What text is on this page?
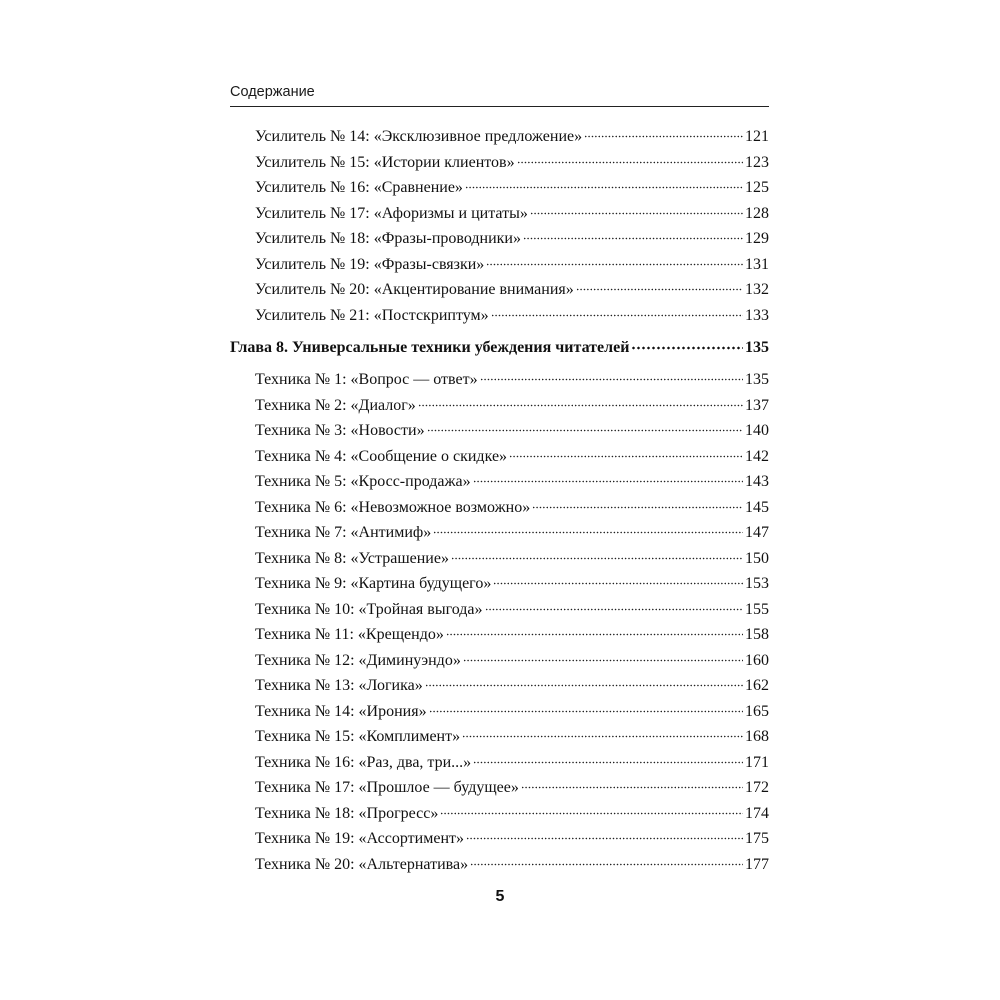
Содержание
Усилитель № 14: «Эксклюзивное предложение»	121
Усилитель № 15: «Истории клиентов»	123
Усилитель № 16: «Сравнение»	125
Усилитель № 17: «Афоризмы и цитаты»	128
Усилитель № 18: «Фразы-проводники»	129
Усилитель № 19: «Фразы-связки»	131
Усилитель № 20: «Акцентирование внимания»	132
Усилитель № 21: «Постскриптум»	133
Глава 8. Универсальные техники убеждения читателей	135
Техника № 1: «Вопрос — ответ»	135
Техника № 2: «Диалог»	137
Техника № 3: «Новости»	140
Техника № 4: «Сообщение о скидке»	142
Техника № 5: «Кросс-продажа»	143
Техника № 6: «Невозможное возможно»	145
Техника № 7: «Антимиф»	147
Техника № 8: «Устрашение»	150
Техника № 9: «Картина будущего»	153
Техника № 10: «Тройная выгода»	155
Техника № 11: «Крещендо»	158
Техника № 12: «Диминуэндо»	160
Техника № 13: «Логика»	162
Техника № 14: «Ирония»	165
Техника № 15: «Комплимент»	168
Техника № 16: «Раз, два, три...»	171
Техника № 17: «Прошлое — будущее»	172
Техника № 18: «Прогресс»	174
Техника № 19: «Ассортимент»	175
Техника № 20: «Альтернатива»	177
5
